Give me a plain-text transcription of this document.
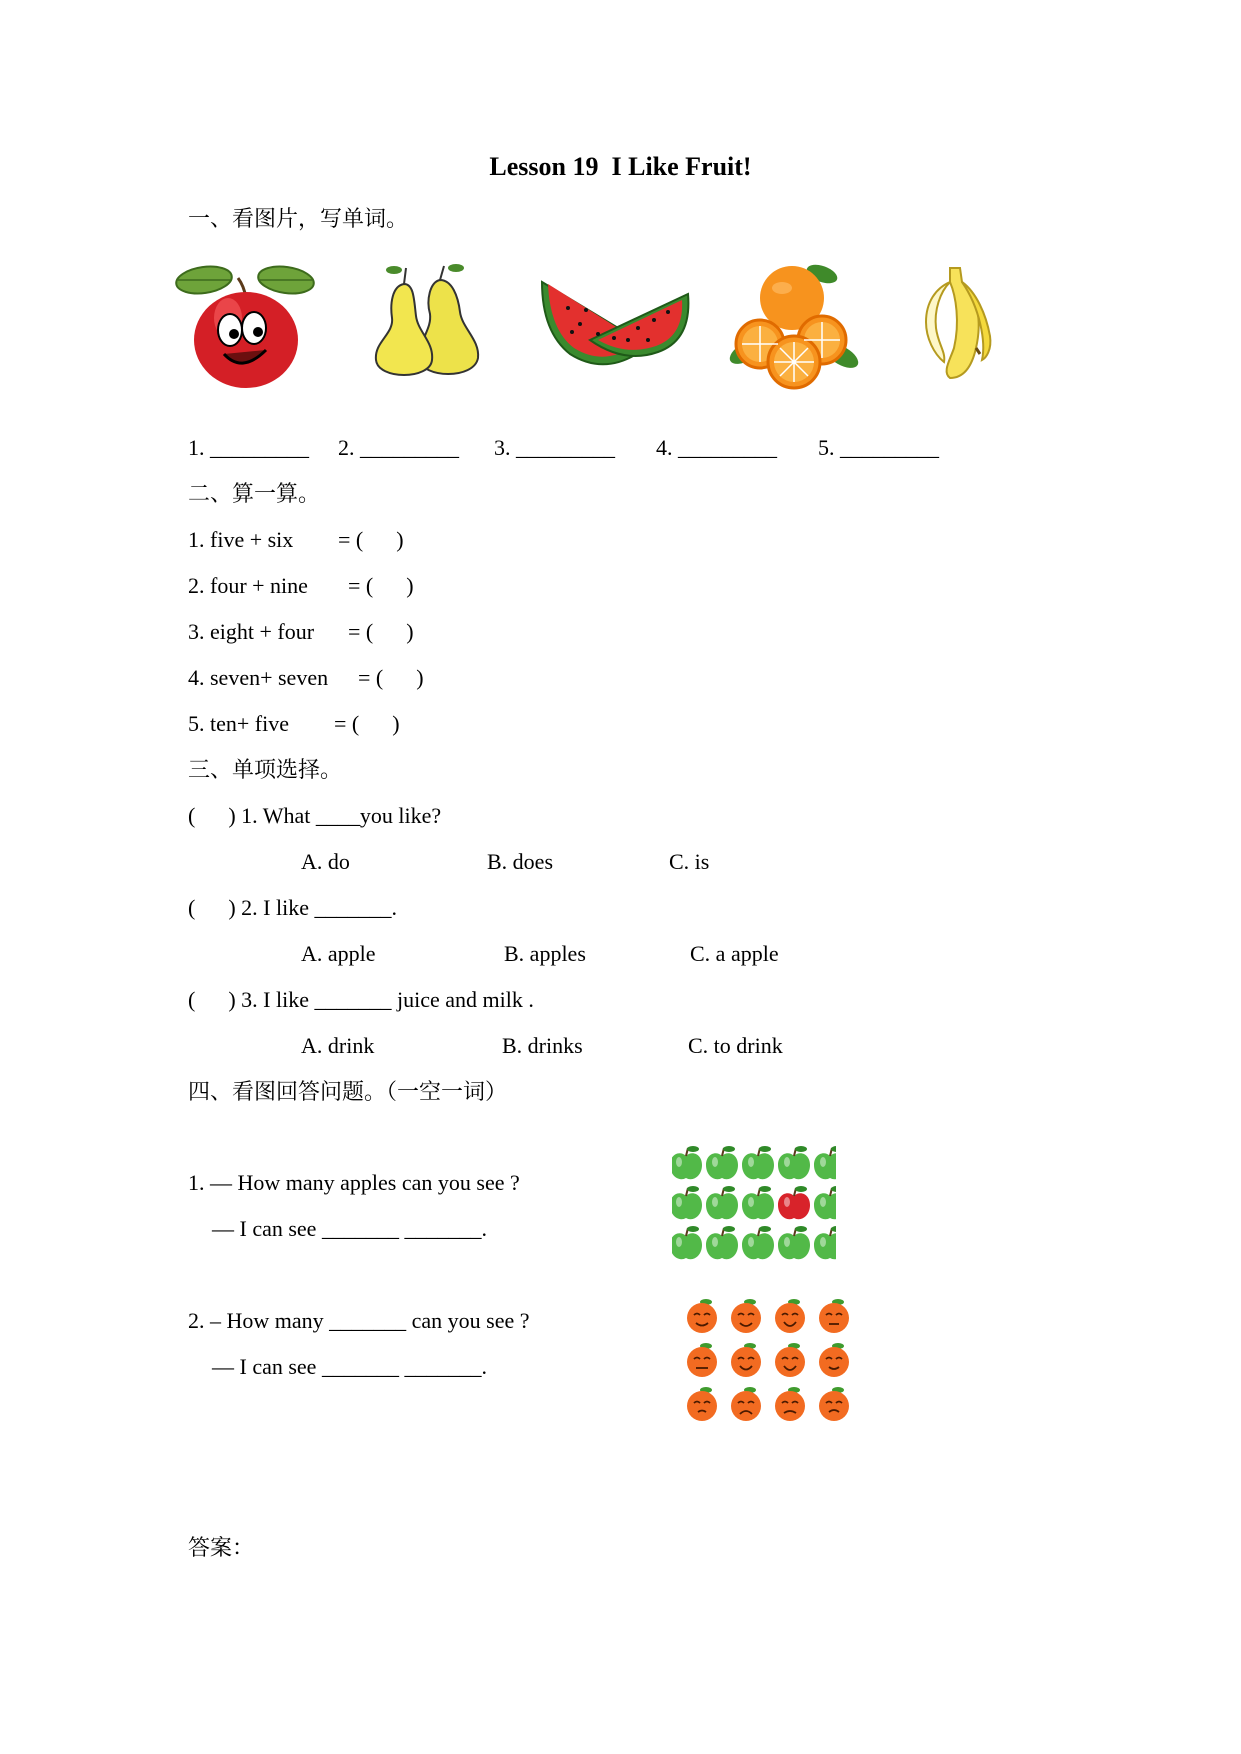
Lesson 19  I Like Fruit!
一、看图片，写单词。
1. _________ 2. _________ 3. _________ 4. _________ 5. _________
二、算一算。
1. five + six = (      )
2. four + nine = (      )
3. eight + four = (      )
4. seven+ seven = (      )
5. ten+ five = (      )
三、单项选择。
(      ) 1. What ____you like?
A. do	B. does	C. is
(      ) 2. I like _______.
A. apple	B. apples	C. a apple
(      ) 3. I like _______ juice and milk .
A. drink	B. drinks	C. to drink
四、看图回答问题。（一空一词）
1. — How many apples can you see ?
— I can see _______ _______.
2. – How many _______ can you see ?
— I can see _______ _______.
答案：
